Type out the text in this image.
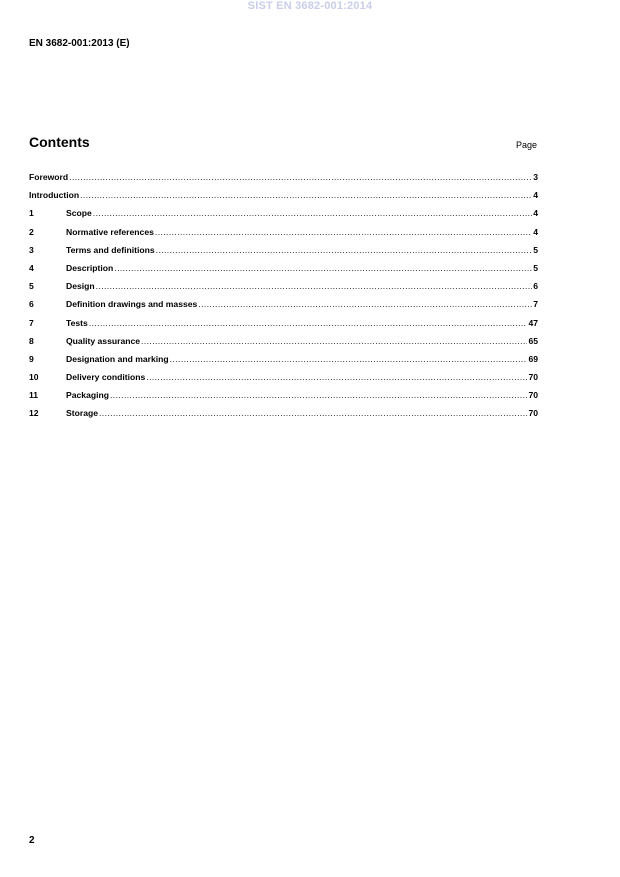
SIST EN 3682-001:2014
EN 3682-001:2013 (E)
Contents	Page
Foreword .....	3
Introduction .....	4
1	Scope .....	4
2	Normative references .....	4
3	Terms and definitions .....	5
4	Description .....	5
5	Design .....	6
6	Definition drawings and masses .....	7
7	Tests .....	47
8	Quality assurance .....	65
9	Designation and marking .....	69
10	Delivery conditions .....	70
11	Packaging .....	70
12	Storage .....	70
2
